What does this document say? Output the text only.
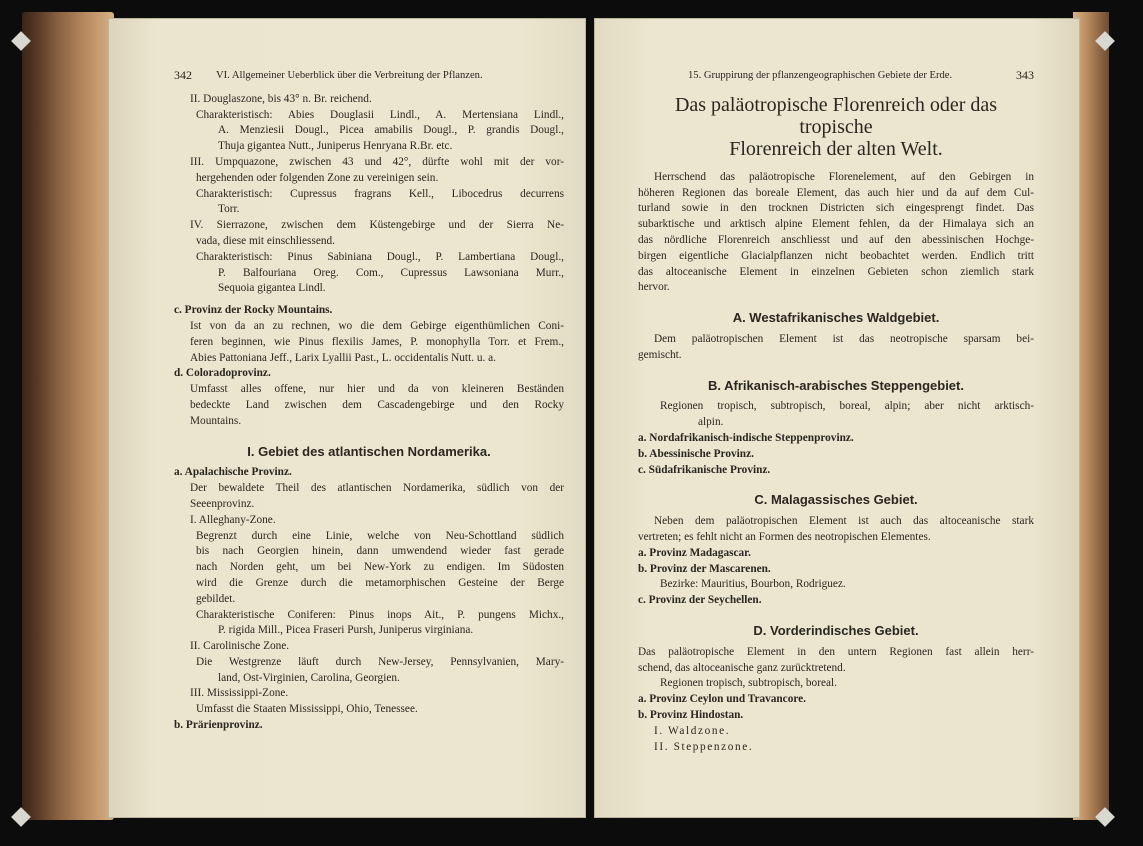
342	VI. Allgemeiner Ueberblick über die Verbreitung der Pflanzen.
II. Douglaszone, bis 43° n. Br. reichend.
Charakteristisch: Abies Douglasii Lindl., A. Mertensiana Lindl.,
A. Menziesii Dougl., Picea amabilis Dougl., P. grandis Dougl.,
Thuja gigantea Nutt., Juniperus Henryana R.Br. etc.
III. Umpquazone, zwischen 43 und 42°, dürfte wohl mit der vor-
hergehenden oder folgenden Zone zu vereinigen sein.
Charakteristisch: Cupressus fragrans Kell., Libocedrus decurrens
Torr.
IV. Sierrazone, zwischen dem Küstengebirge und der Sierra Ne-
vada, diese mit einschliessend.
Charakteristisch: Pinus Sabiniana Dougl., P. Lambertiana Dougl.,
P. Balfouriana Oreg. Com., Cupressus Lawsoniana Murr.,
Sequoia gigantea Lindl.
c. Provinz der Rocky Mountains.
Ist von da an zu rechnen, wo die dem Gebirge eigenthümlichen Coni-
feren beginnen, wie Pinus flexilis James, P. monophylla Torr. et Frem.,
Abies Pattoniana Jeff., Larix Lyallii Past., L. occidentalis Nutt. u. a.
d. Coloradoprovinz.
Umfasst alles offene, nur hier und da von kleineren Beständen
bedeckte Land zwischen dem Cascadengebirge und den Rocky
Mountains.
I. Gebiet des atlantischen Nordamerika.
a. Apalachische Provinz.
Der bewaldete Theil des atlantischen Nordamerika, südlich von der
Seeenprovinz.
I. Alleghany-Zone.
Begrenzt durch eine Linie, welche von Neu-Schottland südlich
bis nach Georgien hinein, dann umwendend wieder fast gerade
nach Norden geht, um bei New-York zu endigen. Im Südosten
wird die Grenze durch die metamorphischen Gesteine der Berge
gebildet.
Charakteristische Coniferen: Pinus inops Ait., P. pungens Michx.,
P. rigida Mill., Picea Fraseri Pursh, Juniperus virginiana.
II. Carolinische Zone.
Die Westgrenze läuft durch New-Jersey, Pennsylvanien, Mary-
land, Ost-Virginien, Carolina, Georgien.
III. Mississippi-Zone.
Umfasst die Staaten Mississippi, Ohio, Tenessee.
b. Prärienprovinz.
15. Gruppirung der pflanzengeographischen Gebiete der Erde.	343
Das paläotropische Florenreich oder das tropische
Florenreich der alten Welt.
Herrschend das paläotropische Florenelement, auf den Gebirgen in
höheren Regionen das boreale Element, das auch hier und da auf dem Cul-
turland sowie in den trocknen Districten sich eingesprengt findet. Das
subarktische und arktisch alpine Element fehlen, da der Himalaya sich an
das nördliche Florenreich anschliesst und auf den abessinischen Hochge-
birgen eigentliche Glacialpflanzen nicht beobachtet werden. Endlich tritt
das altoceanische Element in einzelnen Gebieten schon ziemlich stark
hervor.
A. Westafrikanisches Waldgebiet.
Dem paläotropischen Element ist das neotropische sparsam bei-
gemischt.
B. Afrikanisch-arabisches Steppengebiet.
Regionen tropisch, subtropisch, boreal, alpin; aber nicht arktisch-
alpin.
a. Nordafrikanisch-indische Steppenprovinz.
b. Abessinische Provinz.
c. Südafrikanische Provinz.
C. Malagassisches Gebiet.
Neben dem paläotropischen Element ist auch das altoceanische stark
vertreten; es fehlt nicht an Formen des neotropischen Elementes.
a. Provinz Madagascar.
b. Provinz der Mascarenen.
Bezirke: Mauritius, Bourbon, Rodriguez.
c. Provinz der Seychellen.
D. Vorderindisches Gebiet.
Das paläotropische Element in den untern Regionen fast allein herr-
schend, das altoceanische ganz zurücktretend.
Regionen tropisch, subtropisch, boreal.
a. Provinz Ceylon und Travancore.
b. Provinz Hindostan.
I. Waldzone.
II. Steppenzone.
